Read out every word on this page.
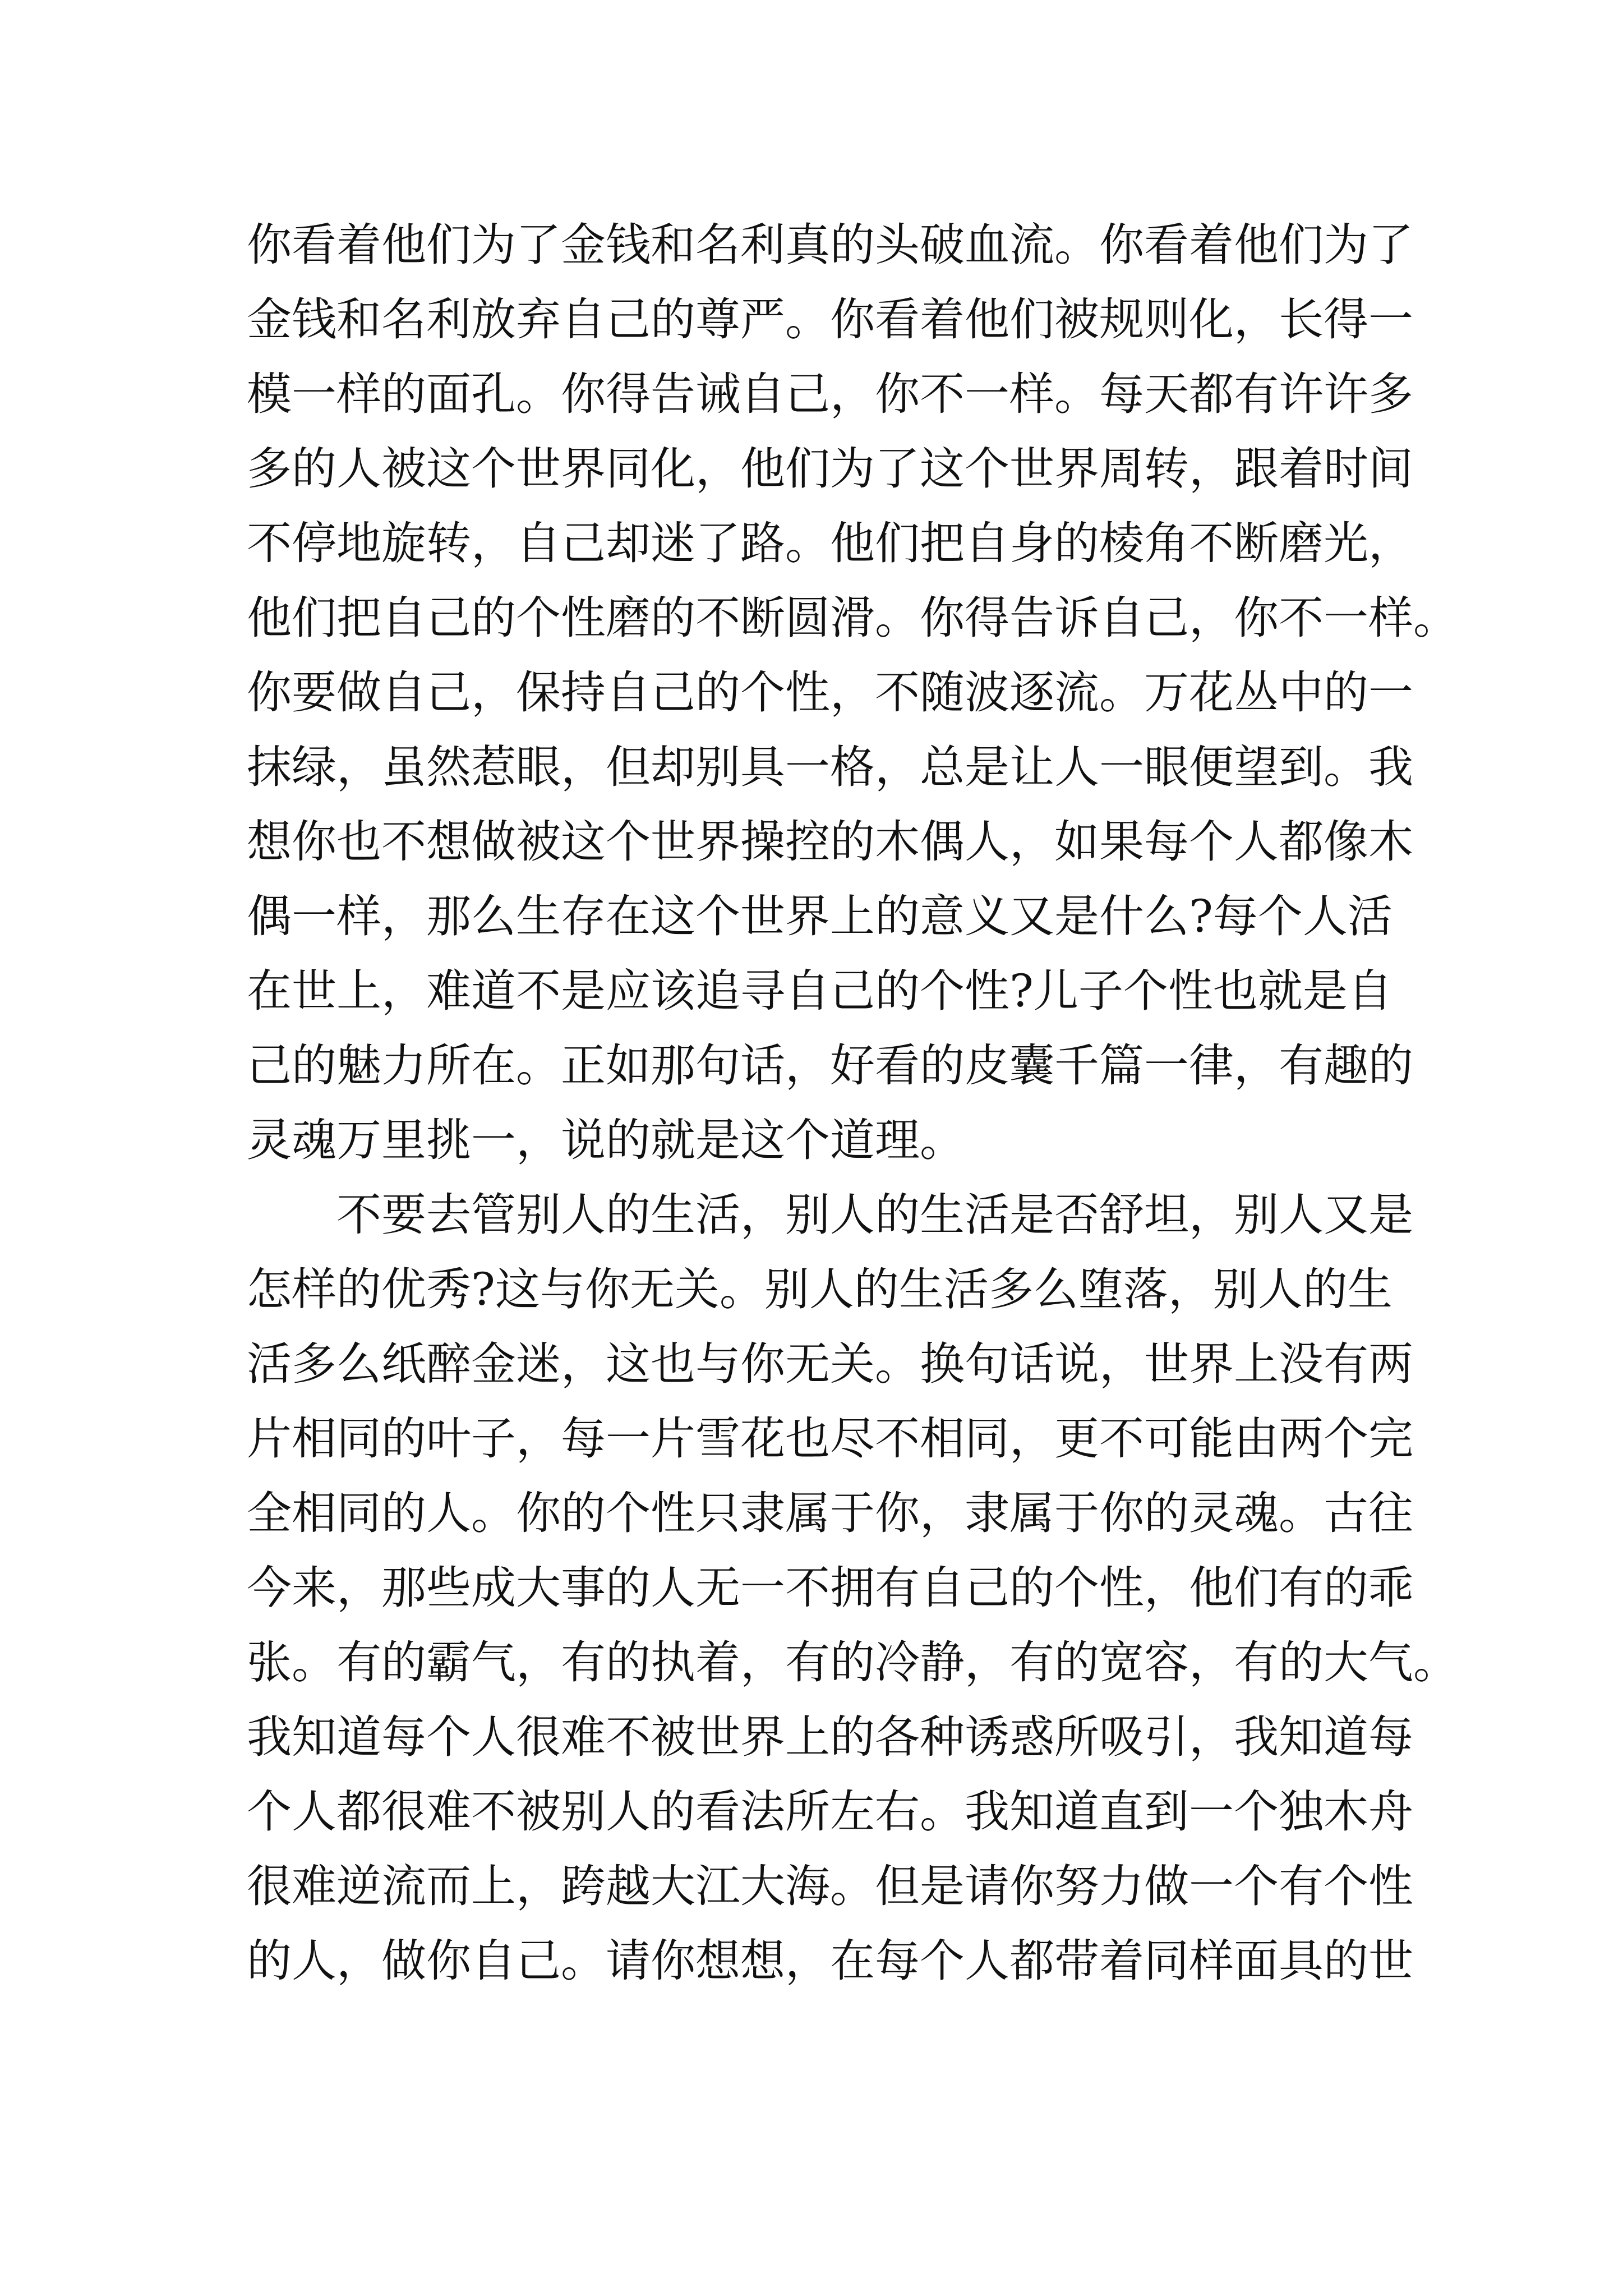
你看着他们为了金钱和名利真的头破血流。你看着他们为了
金钱和名利放弃自己的尊严。你看着他们被规则化，长得一
模一样的面孔。你得告诫自己，你不一样。每天都有许许多
多的人被这个世界同化，他们为了这个世界周转，跟着时间
不停地旋转，自己却迷了路。他们把自身的棱角不断磨光，
他们把自己的个性磨的不断圆滑。你得告诉自己，你不一样。
你要做自己，保持自己的个性，不随波逐流。万花丛中的一
抹绿，虽然惹眼，但却别具一格，总是让人一眼便望到。我
想你也不想做被这个世界操控的木偶人，如果每个人都像木
偶一样，那么生存在这个世界上的意义又是什么?每个人活
在世上，难道不是应该追寻自己的个性?儿子个性也就是自
己的魅力所在。正如那句话，好看的皮囊千篇一律，有趣的
灵魂万里挑一，说的就是这个道理。
不要去管别人的生活，别人的生活是否舒坦，别人又是
怎样的优秀?这与你无关。别人的生活多么堕落，别人的生
活多么纸醉金迷，这也与你无关。换句话说，世界上没有两
片相同的叶子，每一片雪花也尽不相同，更不可能由两个完
全相同的人。你的个性只隶属于你，隶属于你的灵魂。古往
今来，那些成大事的人无一不拥有自己的个性，他们有的乖
张。有的霸气，有的执着，有的冷静，有的宽容，有的大气。
我知道每个人很难不被世界上的各种诱惑所吸引，我知道每
个人都很难不被别人的看法所左右。我知道直到一个独木舟
很难逆流而上，跨越大江大海。但是请你努力做一个有个性
的人，做你自己。请你想想，在每个人都带着同样面具的世
